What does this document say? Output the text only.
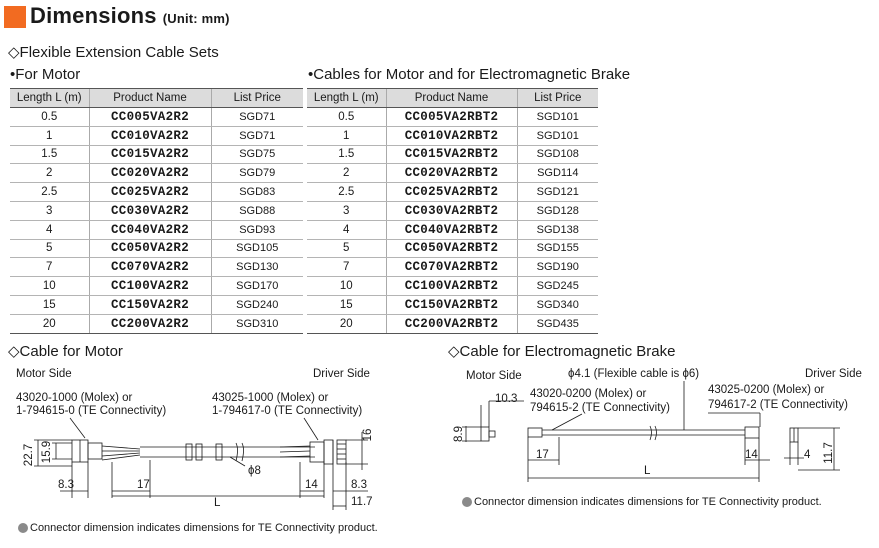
Dimensions (Unit: mm)
◇Flexible Extension Cable Sets
•For Motor
Length L (m)	Product Name	List Price
0.5	CC005VA2R2	SGD71
1	CC010VA2R2	SGD71
1.5	CC015VA2R2	SGD75
2	CC020VA2R2	SGD79
2.5	CC025VA2R2	SGD83
3	CC030VA2R2	SGD88
4	CC040VA2R2	SGD93
5	CC050VA2R2	SGD105
7	CC070VA2R2	SGD130
10	CC100VA2R2	SGD170
15	CC150VA2R2	SGD240
20	CC200VA2R2	SGD310
•Cables for Motor and for Electromagnetic Brake
Length L (m)	Product Name	List Price
0.5	CC005VA2RBT2	SGD101
1	CC010VA2RBT2	SGD101
1.5	CC015VA2RBT2	SGD108
2	CC020VA2RBT2	SGD114
2.5	CC025VA2RBT2	SGD121
3	CC030VA2RBT2	SGD128
4	CC040VA2RBT2	SGD138
5	CC050VA2RBT2	SGD155
7	CC070VA2RBT2	SGD190
10	CC100VA2RBT2	SGD245
15	CC150VA2RBT2	SGD340
20	CC200VA2RBT2	SGD435
◇Cable for Motor
Motor Side	Driver Side
43020-1000 (Molex) or
1-794615-0 (TE Connectivity)
43025-1000 (Molex) or
1-794617-0 (TE Connectivity)
22.7 15.9
8.3	17
ϕ8
L
14
16
8.3
11.7
Connector dimension indicates dimensions for TE Connectivity product.
◇Cable for Electromagnetic Brake
Motor Side	Driver Side
ϕ4.1 (Flexible cable is ϕ6)
43020-0200 (Molex) or
794615-2 (TE Connectivity)
43025-0200 (Molex) or
794617-2 (TE Connectivity)
10.3
8.9
17
L
14	4 11.7
Connector dimension indicates dimensions for TE Connectivity product.
